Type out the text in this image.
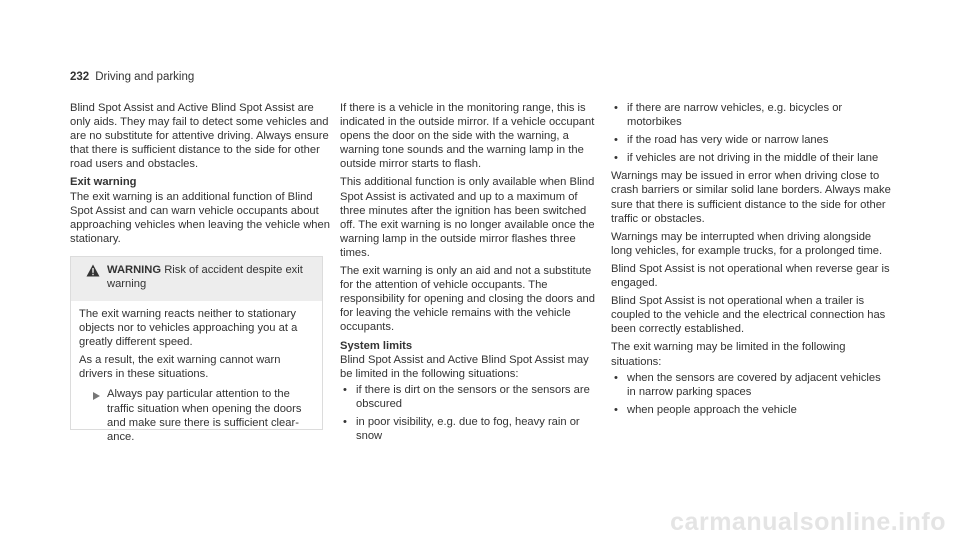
232 Driving and parking

Blind Spot Assist and Active Blind Spot Assist are only aids. They may fail to detect some vehicles and are no substitute for attentive driving. Always ensure that there is sufficient distance to the side for other road users and obstacles.

Exit warning

The exit warning is an additional function of Blind Spot Assist and can warn vehicle occupants about approaching vehicles when leaving the vehicle when stationary.

WARNING Risk of accident despite exit warning

The exit warning reacts neither to stationary objects nor to vehicles approaching you at a greatly different speed.

As a result, the exit warning cannot warn drivers in these situations.

Always pay particular attention to the traffic situation when opening the doors and make sure there is sufficient clearance.

If there is a vehicle in the monitoring range, this is indicated in the outside mirror. If a vehicle occupant opens the door on the side with the warning, a warning tone sounds and the warning lamp in the outside mirror starts to flash.

This additional function is only available when Blind Spot Assist is activated and up to a maximum of three minutes after the ignition has been switched off. The exit warning is no longer available once the warning lamp in the outside mirror flashes three times.

The exit warning is only an aid and not a substitute for the attention of vehicle occupants. The responsibility for opening and closing the doors and for leaving the vehicle remains with the vehicle occupants.

System limits

Blind Spot Assist and Active Blind Spot Assist may be limited in the following situations:

• if there is dirt on the sensors or the sensors are obscured
• in poor visibility, e.g. due to fog, heavy rain or snow
• if there are narrow vehicles, e.g. bicycles or motorbikes
• if the road has very wide or narrow lanes
• if vehicles are not driving in the middle of their lane

Warnings may be issued in error when driving close to crash barriers or similar solid lane borders. Always make sure that there is sufficient distance to the side for other traffic or obstacles.

Warnings may be interrupted when driving alongside long vehicles, for example trucks, for a prolonged time.

Blind Spot Assist is not operational when reverse gear is engaged.

Blind Spot Assist is not operational when a trailer is coupled to the vehicle and the electrical connection has been correctly established.

The exit warning may be limited in the following situations:

• when the sensors are covered by adjacent vehicles in narrow parking spaces
• when people approach the vehicle
carmanualsonline.info
